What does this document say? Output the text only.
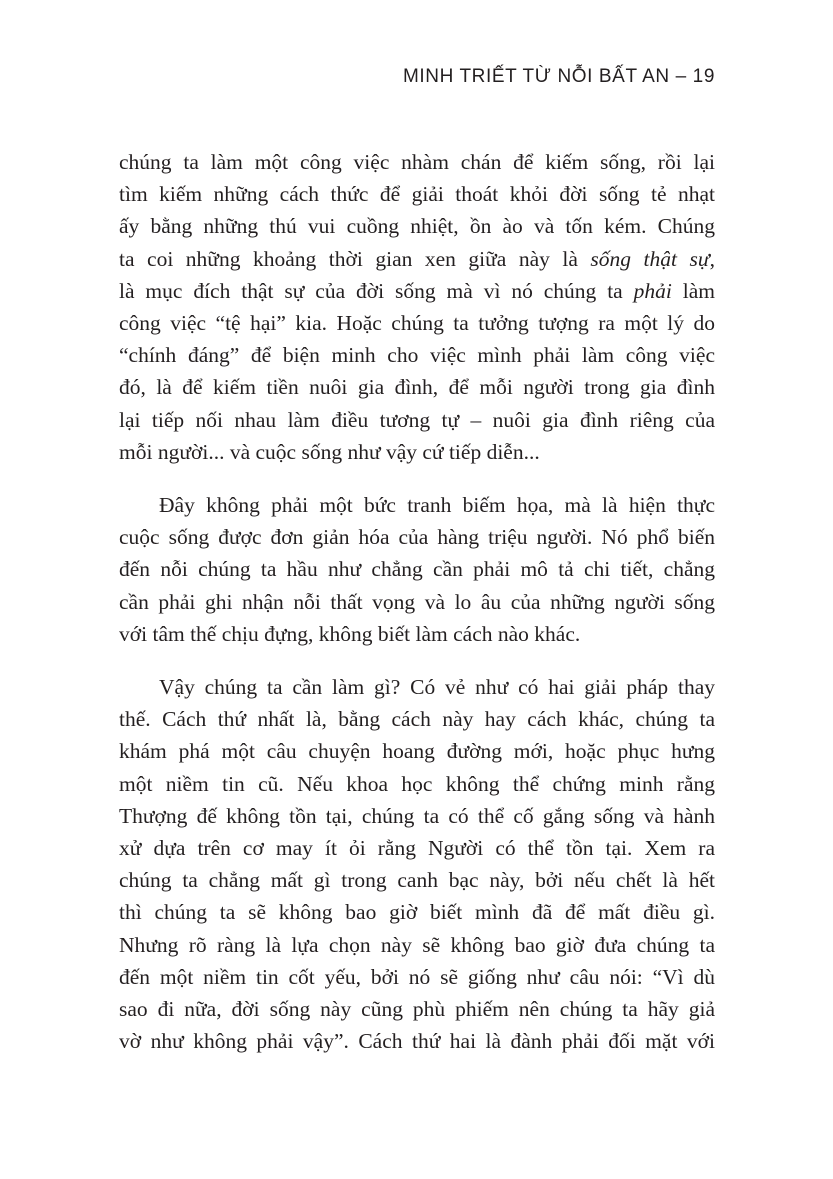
MINH TRIẾT TỪ NỖI BẤT AN – 19

chúng ta làm một công việc nhàm chán để kiếm sống, rồi lại
tìm kiếm những cách thức để giải thoát khỏi đời sống tẻ nhạt
ấy bằng những thú vui cuồng nhiệt, ồn ào và tốn kém. Chúng
ta coi những khoảng thời gian xen giữa này là sống thật sự,
là mục đích thật sự của đời sống mà vì nó chúng ta phải làm
công việc “tệ hại” kia. Hoặc chúng ta tưởng tượng ra một lý do
“chính đáng” để biện minh cho việc mình phải làm công việc
đó, là để kiếm tiền nuôi gia đình, để mỗi người trong gia đình
lại tiếp nối nhau làm điều tương tự – nuôi gia đình riêng của
mỗi người... và cuộc sống như vậy cứ tiếp diễn...

Đây không phải một bức tranh biếm họa, mà là hiện thực
cuộc sống được đơn giản hóa của hàng triệu người. Nó phổ biến
đến nỗi chúng ta hầu như chẳng cần phải mô tả chi tiết, chẳng
cần phải ghi nhận nỗi thất vọng và lo âu của những người sống
với tâm thế chịu đựng, không biết làm cách nào khác.

Vậy chúng ta cần làm gì? Có vẻ như có hai giải pháp thay
thế. Cách thứ nhất là, bằng cách này hay cách khác, chúng ta
khám phá một câu chuyện hoang đường mới, hoặc phục hưng
một niềm tin cũ. Nếu khoa học không thể chứng minh rằng
Thượng đế không tồn tại, chúng ta có thể cố gắng sống và hành
xử dựa trên cơ may ít ỏi rằng Người có thể tồn tại. Xem ra
chúng ta chẳng mất gì trong canh bạc này, bởi nếu chết là hết
thì chúng ta sẽ không bao giờ biết mình đã để mất điều gì.
Nhưng rõ ràng là lựa chọn này sẽ không bao giờ đưa chúng ta
đến một niềm tin cốt yếu, bởi nó sẽ giống như câu nói: “Vì dù
sao đi nữa, đời sống này cũng phù phiếm nên chúng ta hãy giả
vờ như không phải vậy”. Cách thứ hai là đành phải đối mặt với
